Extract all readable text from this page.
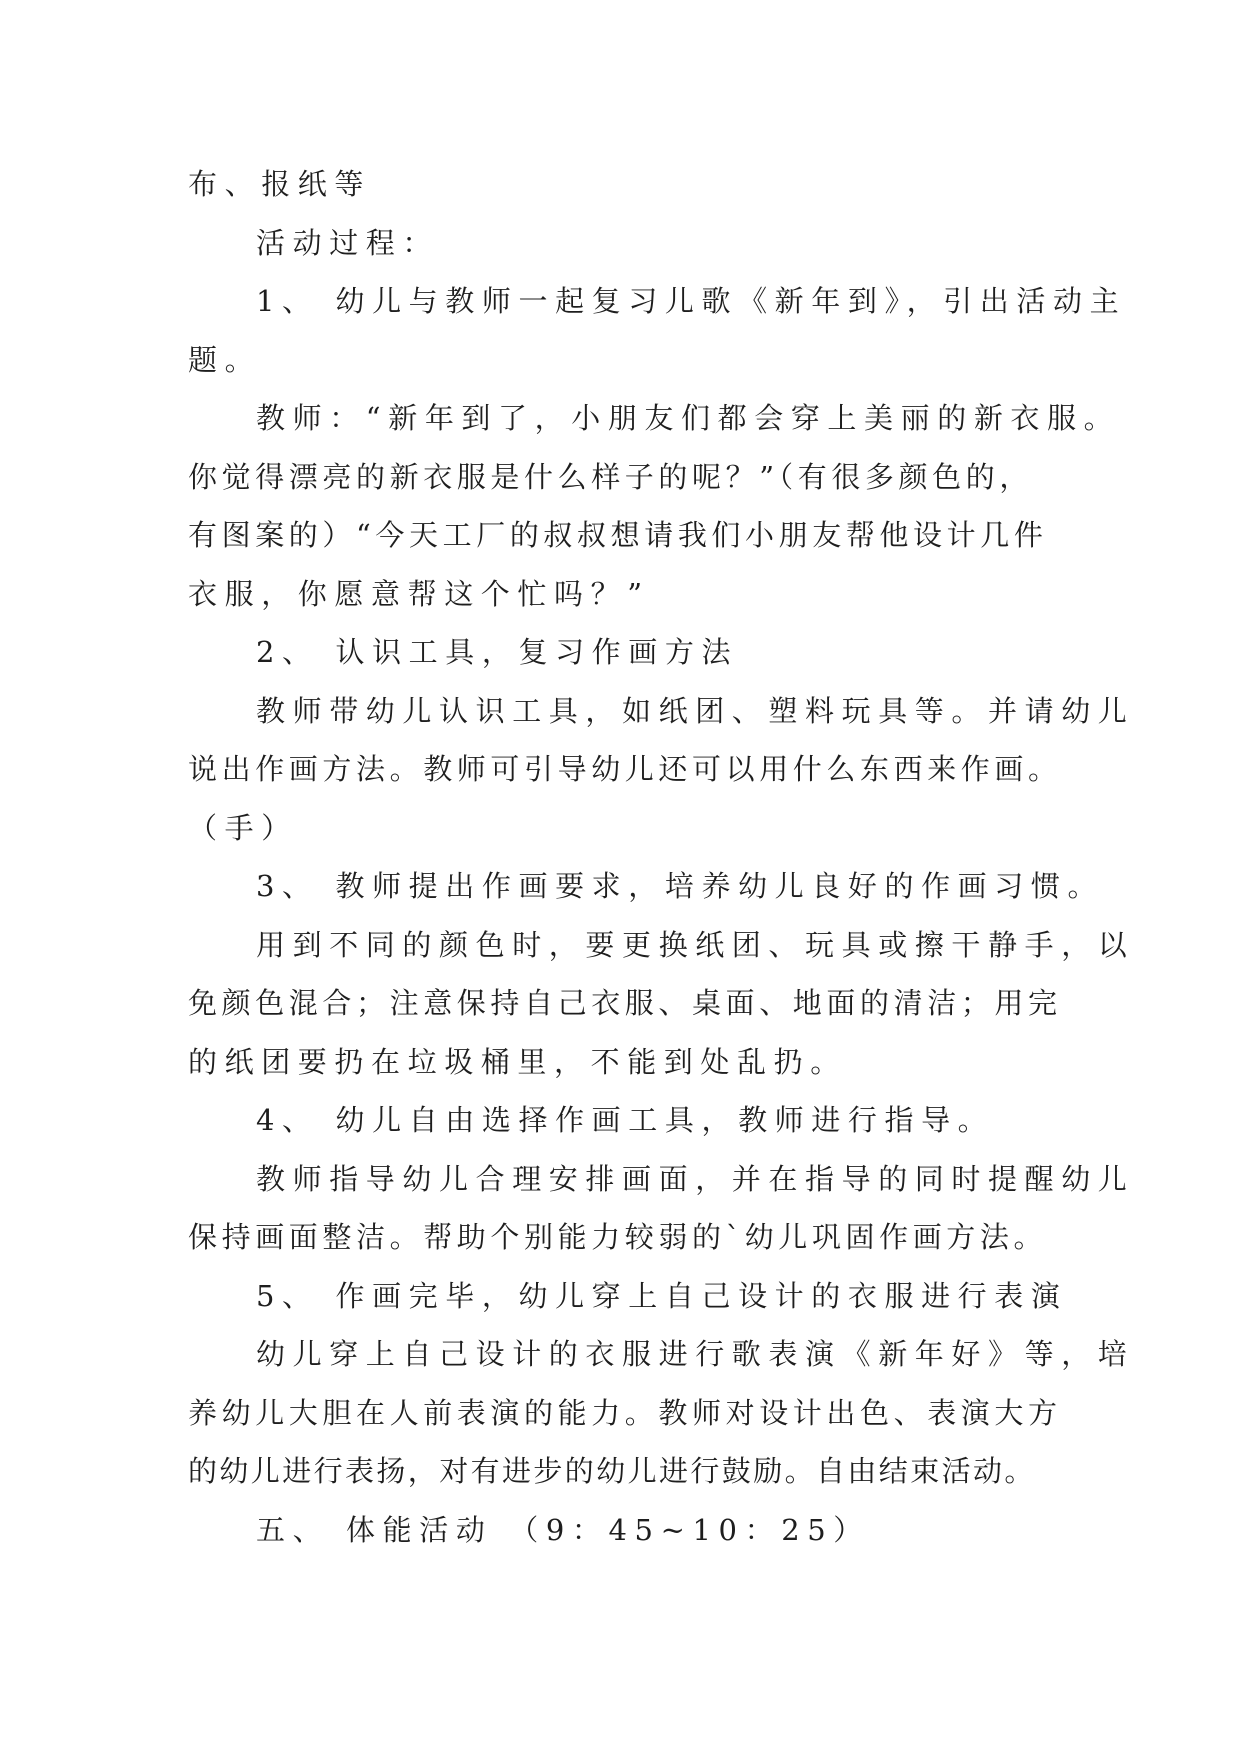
布、报纸等
活动过程：
1、 幼儿与教师一起复习儿歌《新年到》，引出活动主
题。
教师：“新年到了，小朋友们都会穿上美丽的新衣服。
你觉得漂亮的新衣服是什么样子的呢？”（有很多颜色的，
有图案的）“今天工厂的叔叔想请我们小朋友帮他设计几件
衣服，你愿意帮这个忙吗？”
2、 认识工具，复习作画方法
教师带幼儿认识工具，如纸团、塑料玩具等。并请幼儿
说出作画方法。教师可引导幼儿还可以用什么东西来作画。
（手）
3、 教师提出作画要求，培养幼儿良好的作画习惯。
用到不同的颜色时，要更换纸团、玩具或擦干静手，以
免颜色混合；注意保持自己衣服、桌面、地面的清洁；用完
的纸团要扔在垃圾桶里，不能到处乱扔。
4、 幼儿自由选择作画工具，教师进行指导。
教师指导幼儿合理安排画面，并在指导的同时提醒幼儿
保持画面整洁。帮助个别能力较弱的`幼儿巩固作画方法。
5、 作画完毕，幼儿穿上自己设计的衣服进行表演
幼儿穿上自己设计的衣服进行歌表演《新年好》等，培
养幼儿大胆在人前表演的能力。教师对设计出色、表演大方
的幼儿进行表扬，对有进步的幼儿进行鼓励。自由结束活动。
五、 体能活动 （9：45~10：25）
